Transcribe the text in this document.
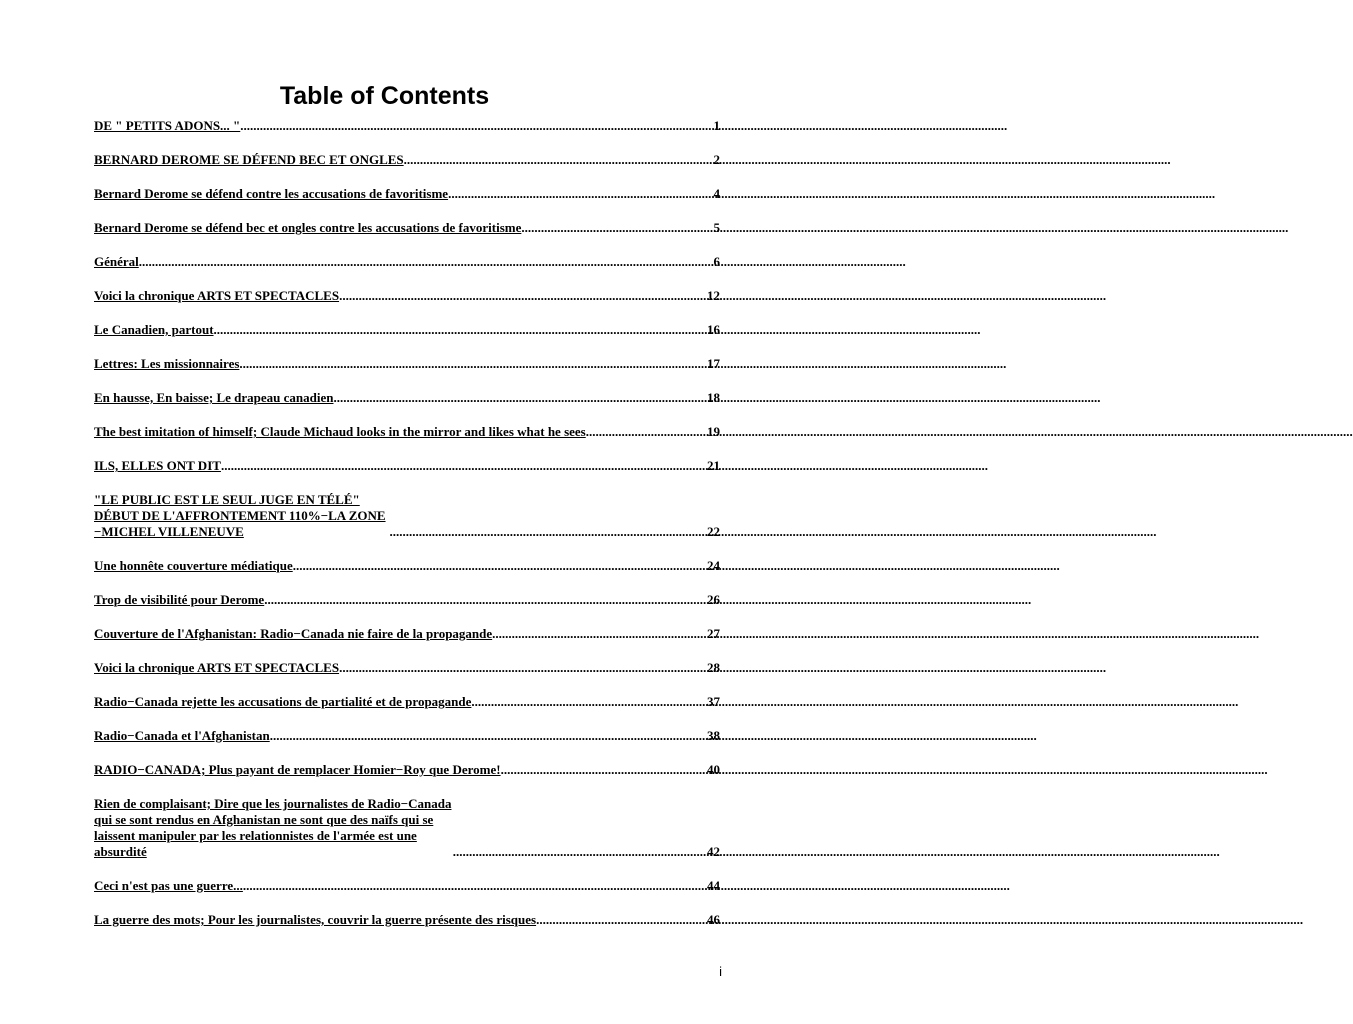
Table of Contents
DE " PETITS ADONS... " .....	1
BERNARD DEROME SE DÉFEND BEC ET ONGLES .....	2
Bernard Derome se défend contre les accusations de favoritisme .....	4
Bernard Derome se défend bec et ongles contre les accusations de favoritisme .....	5
Général .....	6
Voici la chronique ARTS ET SPECTACLES .....	12
Le Canadien, partout .....	16
Lettres: Les missionnaires .....	17
En hausse, En baisse; Le drapeau canadien .....	18
The best imitation of himself; Claude Michaud looks in the mirror and likes what he sees .....	19
ILS, ELLES ONT DIT .....	21
"LE PUBLIC EST LE SEUL JUGE EN TÉLÉ" DÉBUT DE L'AFFRONTEMENT 110%−LA ZONE −MICHEL VILLENEUVE .....	22
Une honnête couverture médiatique .....	24
Trop de visibilité pour Derome .....	26
Couverture de l'Afghanistan: Radio−Canada nie faire de la propagande .....	27
Voici la chronique ARTS ET SPECTACLES .....	28
Radio−Canada rejette les accusations de partialité et de propagande .....	37
Radio−Canada et l'Afghanistan .....	38
RADIO−CANADA; Plus payant de remplacer Homier−Roy que Derome! .....	40
Rien de complaisant; Dire que les journalistes de Radio−Canada qui se sont rendus en Afghanistan ne sont que des naïfs qui se laissent manipuler par les relationnistes de l'armée est une absurdité .....	42
Ceci n'est pas une guerre... .....	44
La guerre des mots; Pour les journalistes, couvrir la guerre présente des risques .....	46
i
